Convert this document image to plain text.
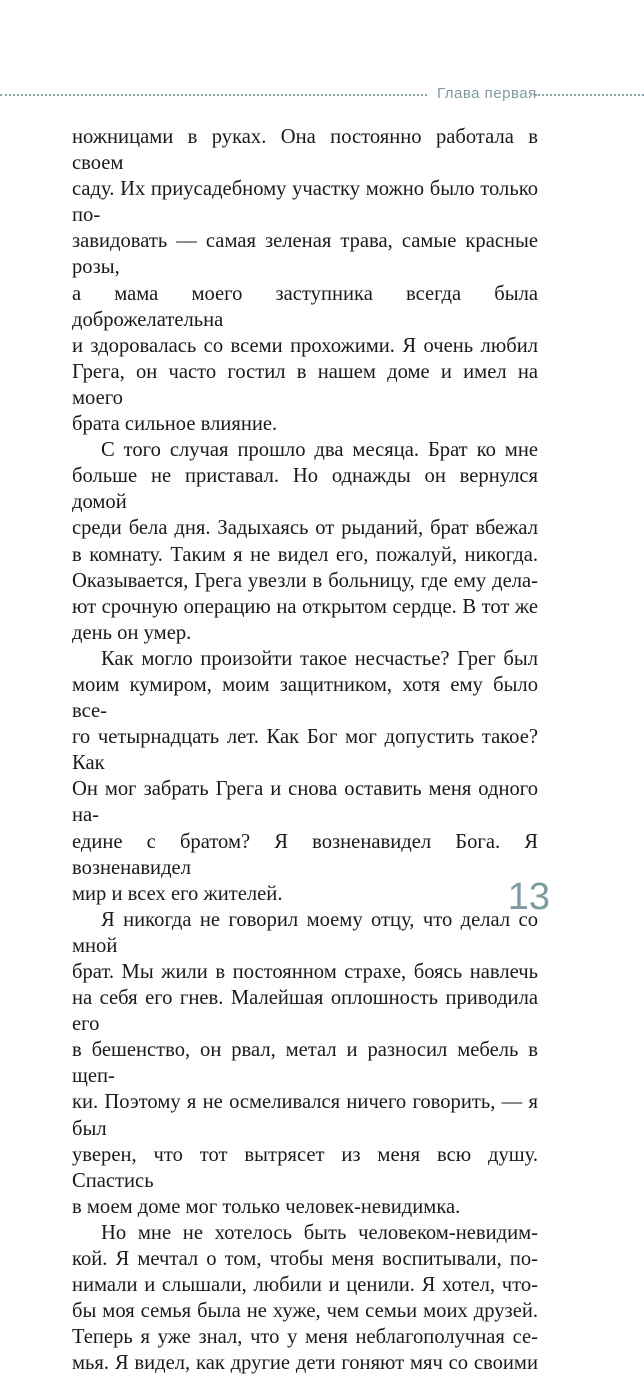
Глава первая

ножницами в руках. Она постоянно работала в своем

саду. Их приусадебному участку можно было только по-

завидовать — самая зеленая трава, самые красные розы,

а мама моего заступника всегда была доброжелательна

и здоровалась со всеми прохожими. Я очень любил

Грега, он часто гостил в нашем доме и имел на моего

брата сильное влияние.

С того случая прошло два месяца. Брат ко мне

больше не приставал. Но однажды он вернулся домой

среди бела дня. Задыхаясь от рыданий, брат вбежал

в комнату. Таким я не видел его, пожалуй, никогда.

Оказывается, Грега увезли в больницу, где ему дела-

ют срочную операцию на открытом сердце. В тот же

день он умер.

Как могло произойти такое несчастье? Грег был

моим кумиром, моим защитником, хотя ему было все-

го четырнадцать лет. Как Бог мог допустить такое? Как

Он мог забрать Грега и снова оставить меня одного на-

едине с братом? Я возненавидел Бога. Я возненавидел

мир и всех его жителей.

Я никогда не говорил моему отцу, что делал со мной

брат. Мы жили в постоянном страхе, боясь навлечь

на себя его гнев. Малейшая оплошность приводила его

в бешенство, он рвал, метал и разносил мебель в щеп-

ки. Поэтому я не осмеливался ничего говорить, — я был

уверен, что тот вытрясет из меня всю душу. Спастись

в моем доме мог только человек-невидимка.

Но мне не хотелось быть человеком-невидим-

кой. Я мечтал о том, чтобы меня воспитывали, по-

нимали и слышали, любили и ценили. Я хотел, что-

бы моя семья была не хуже, чем семьи моих друзей.

Теперь я уже знал, что у меня неблагополучная се-

мья. Я видел, как другие дети гоняют мяч со своими

13
